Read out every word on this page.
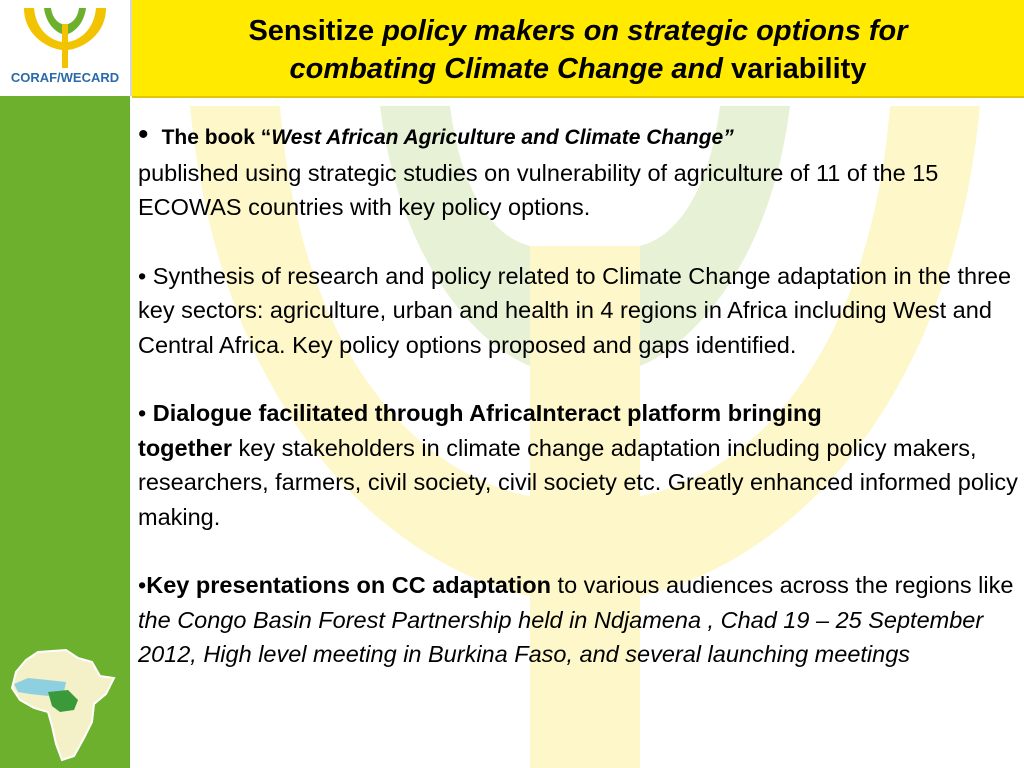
CORAF/WECARD
Sensitize policy makers on strategic options for
combating Climate Change and variability

• The book “West African Agriculture and Climate Change”
published using strategic studies on vulnerability of agriculture of 11 of the 15 ECOWAS countries with key policy options.

• Synthesis of research and policy related to Climate Change adaptation in the three key sectors: agriculture, urban and health in 4 regions in Africa including West and Central Africa. Key policy options proposed and gaps identified.

• Dialogue facilitated through AfricaInteract platform bringing
together key stakeholders in climate change adaptation including policy makers, researchers, farmers, civil society, civil society etc. Greatly enhanced informed policy making.

•Key presentations on CC adaptation to various audiences across the regions like the Congo Basin Forest Partnership held in Ndjamena , Chad 19 – 25 September 2012, High level meeting in Burkina Faso, and several launching meetings
